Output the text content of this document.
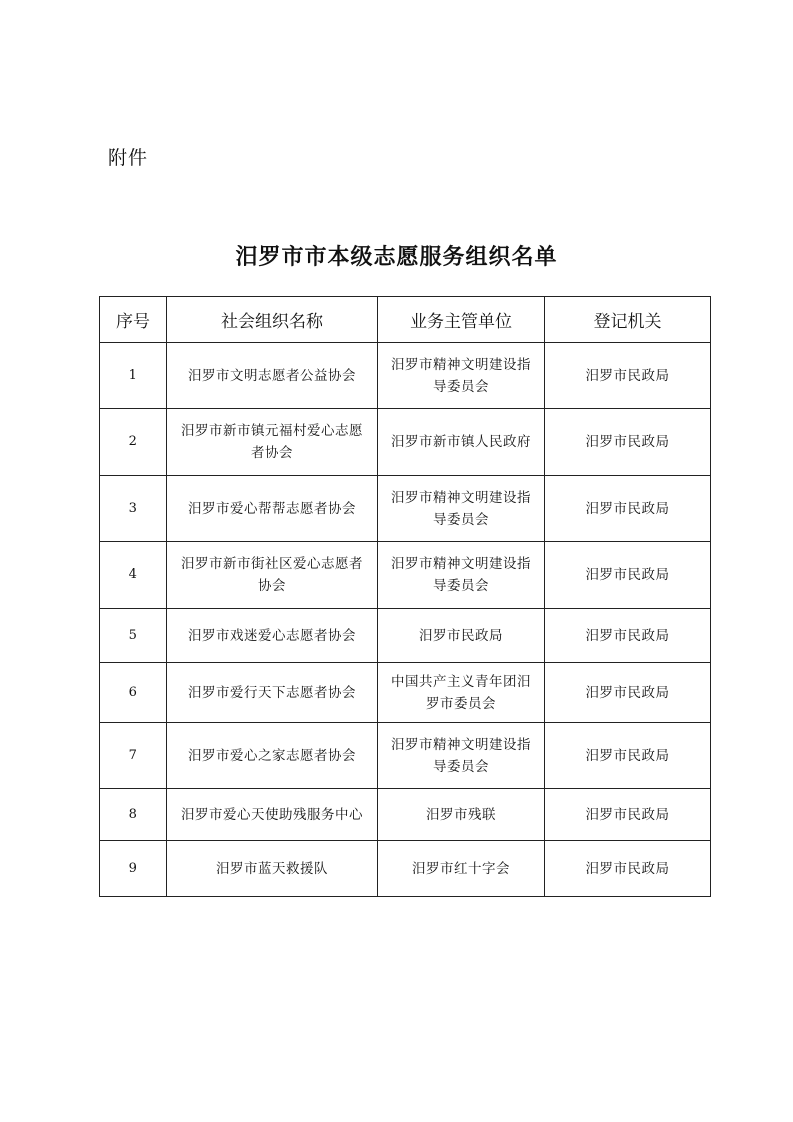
附件
汨罗市市本级志愿服务组织名单
序号	社会组织名称	业务主管单位	登记机关
1	汨罗市文明志愿者公益协会	汨罗市精神文明建设指导委员会	汨罗市民政局
2	汨罗市新市镇元福村爱心志愿者协会	汨罗市新市镇人民政府	汨罗市民政局
3	汨罗市爱心帮帮志愿者协会	汨罗市精神文明建设指导委员会	汨罗市民政局
4	汨罗市新市街社区爱心志愿者协会	汨罗市精神文明建设指导委员会	汨罗市民政局
5	汨罗市戏迷爱心志愿者协会	汨罗市民政局	汨罗市民政局
6	汨罗市爱行天下志愿者协会	中国共产主义青年团汨罗市委员会	汨罗市民政局
7	汨罗市爱心之家志愿者协会	汨罗市精神文明建设指导委员会	汨罗市民政局
8	汨罗市爱心天使助残服务中心	汨罗市残联	汨罗市民政局
9	汨罗市蓝天救援队	汨罗市红十字会	汨罗市民政局
